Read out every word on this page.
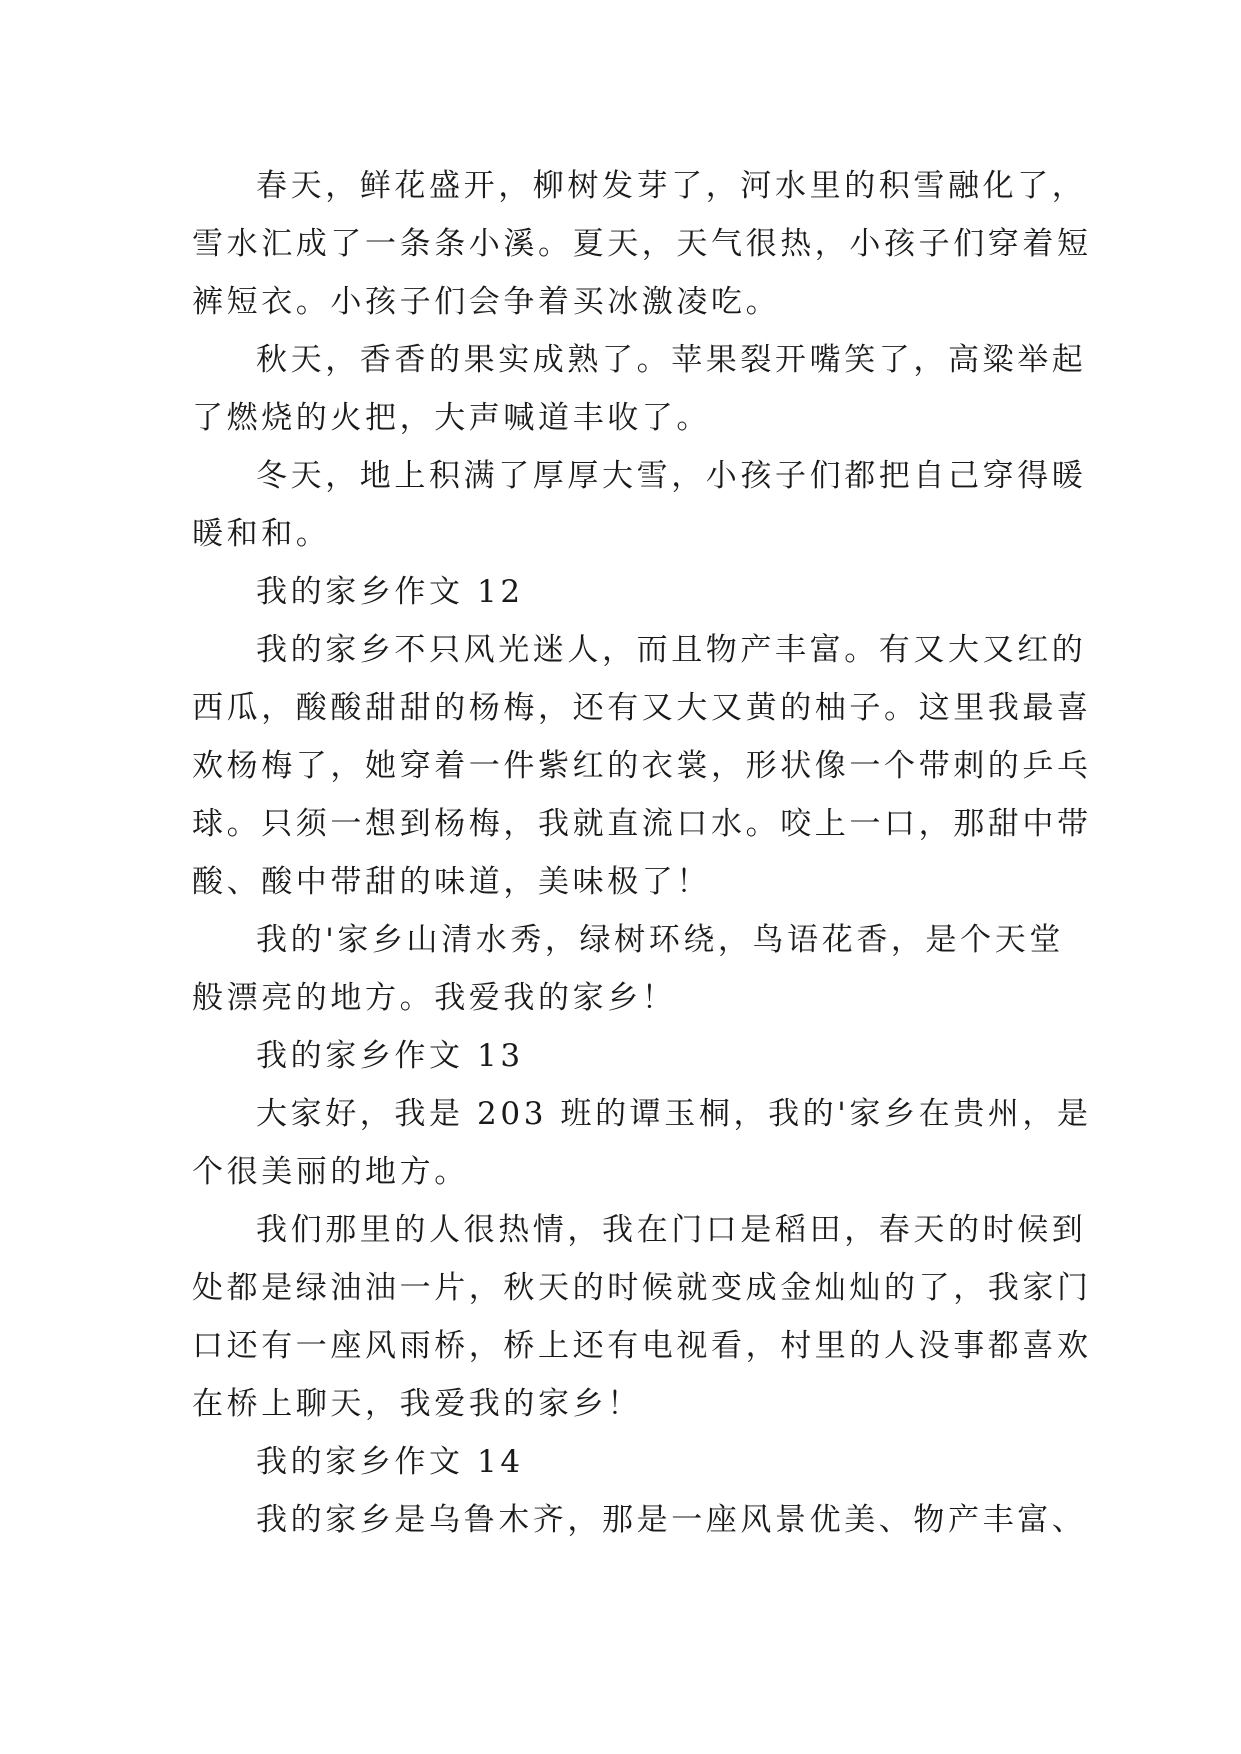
春天，鲜花盛开，柳树发芽了，河水里的积雪融化了，

雪水汇成了一条条小溪。夏天，天气很热，小孩子们穿着短

裤短衣。小孩子们会争着买冰激凌吃。

秋天，香香的果实成熟了。苹果裂开嘴笑了，高粱举起

了燃烧的火把，大声喊道丰收了。

冬天，地上积满了厚厚大雪，小孩子们都把自己穿得暖

暖和和。

我的家乡作文 12

我的家乡不只风光迷人，而且物产丰富。有又大又红的

西瓜，酸酸甜甜的杨梅，还有又大又黄的柚子。这里我最喜

欢杨梅了，她穿着一件紫红的衣裳，形状像一个带刺的乒乓

球。只须一想到杨梅，我就直流口水。咬上一口，那甜中带

酸、酸中带甜的味道，美味极了！

我的'家乡山清水秀，绿树环绕，鸟语花香，是个天堂

般漂亮的地方。我爱我的家乡！

我的家乡作文 13

大家好，我是 203 班的谭玉桐，我的'家乡在贵州，是

个很美丽的地方。

我们那里的人很热情，我在门口是稻田，春天的时候到

处都是绿油油一片，秋天的时候就变成金灿灿的了，我家门

口还有一座风雨桥，桥上还有电视看，村里的人没事都喜欢

在桥上聊天，我爱我的家乡！

我的家乡作文 14

我的家乡是乌鲁木齐，那是一座风景优美、物产丰富、
